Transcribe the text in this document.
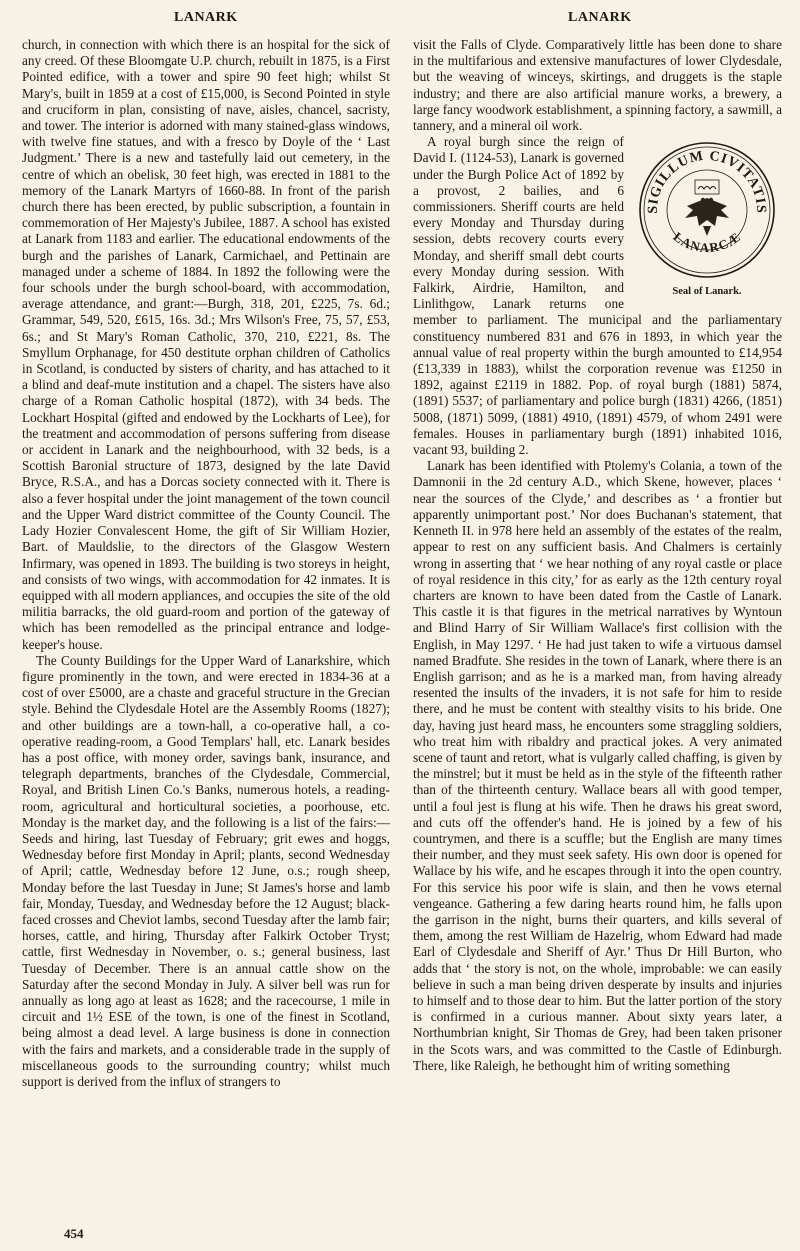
LANARK	LANARK

church, in connection with which there is an hospital for the sick of any creed. Of these Bloomgate U.P. church, rebuilt in 1875, is a First Pointed edifice, with a tower and spire 90 feet high; whilst St Mary's, built in 1859 at a cost of £15,000, is Second Pointed in style and cruciform in plan, consisting of nave, aisles, chancel, sacristy, and tower. The interior is adorned with many stained-glass windows, with twelve fine statues, and with a fresco by Doyle of the ‘ Last Judgment.’ There is a new and tastefully laid out cemetery, in the centre of which an obelisk, 30 feet high, was erected in 1881 to the memory of the Lanark Martyrs of 1660-88. In front of the parish church there has been erected, by public subscription, a fountain in commemoration of Her Majesty's Jubilee, 1887. A school has existed at Lanark from 1183 and earlier. The educational endowments of the burgh and the parishes of Lanark, Carmichael, and Pettinain are managed under a scheme of 1884. In 1892 the following were the four schools under the burgh school-board, with accommodation, average attendance, and grant:—Burgh, 318, 201, £225, 7s. 6d.; Grammar, 549, 520, £615, 16s. 3d.; Mrs Wilson's Free, 75, 57, £53, 6s.; and St Mary's Roman Catholic, 370, 210, £221, 8s. The Smyllum Orphanage, for 450 destitute orphan children of Catholics in Scotland, is conducted by sisters of charity, and has attached to it a blind and deaf-mute institution and a chapel. The sisters have also charge of a Roman Catholic hospital (1872), with 34 beds. The Lockhart Hospital (gifted and endowed by the Lockharts of Lee), for the treatment and accommodation of persons suffering from disease or accident in Lanark and the neighbourhood, with 32 beds, is a Scottish Baronial structure of 1873, designed by the late David Bryce, R.S.A., and has a Dorcas society connected with it. There is also a fever hospital under the joint management of the town council and the Upper Ward district committee of the County Council. The Lady Hozier Convalescent Home, the gift of Sir William Hozier, Bart. of Mauldslie, to the directors of the Glasgow Western Infirmary, was opened in 1893. The building is two storeys in height, and consists of two wings, with accommodation for 42 inmates. It is equipped with all modern appliances, and occupies the site of the old militia barracks, the old guard-room and portion of the gateway of which has been remodelled as the principal entrance and lodge-keeper's house.

The County Buildings for the Upper Ward of Lanarkshire, which figure prominently in the town, and were erected in 1834-36 at a cost of over £5000, are a chaste and graceful structure in the Grecian style. Behind the Clydesdale Hotel are the Assembly Rooms (1827); and other buildings are a town-hall, a co-operative hall, a co-operative reading-room, a Good Templars' hall, etc. Lanark besides has a post office, with money order, savings bank, insurance, and telegraph departments, branches of the Clydesdale, Commercial, Royal, and British Linen Co.'s Banks, numerous hotels, a reading-room, agricultural and horticultural societies, a poorhouse, etc. Monday is the market day, and the following is a list of the fairs:—Seeds and hiring, last Tuesday of February; grit ewes and hoggs, Wednesday before first Monday in April; plants, second Wednesday of April; cattle, Wednesday before 12 June, o.s.; rough sheep, Monday before the last Tuesday in June; St James's horse and lamb fair, Monday, Tuesday, and Wednesday before the 12 August; black-faced crosses and Cheviot lambs, second Tuesday after the lamb fair; horses, cattle, and hiring, Thursday after Falkirk October Tryst; cattle, first Wednesday in November, o. s.; general business, last Tuesday of December. There is an annual cattle show on the Saturday after the second Monday in July. A silver bell was run for annually as long ago at least as 1628; and the racecourse, 1 mile in circuit and 1½ ESE of the town, is one of the finest in Scotland, being almost a dead level. A large business is done in connection with the fairs and markets, and a considerable trade in the supply of miscellaneous goods to the surrounding country; whilst much support is derived from the influx of strangers to

visit the Falls of Clyde. Comparatively little has been done to share in the multifarious and extensive manufactures of lower Clydesdale, but the weaving of winceys, skirtings, and druggets is the staple industry; and there are also artificial manure works, a brewery, a large fancy woodwork establishment, a spinning factory, a sawmill, a tannery, and a mineral oil work.

SIGILLUM CIVITATIS
LANARCÆ
Seal of Lanark.

A royal burgh since the reign of David I. (1124-53), Lanark is governed under the Burgh Police Act of 1892 by a provost, 2 bailies, and 6 commissioners. Sheriff courts are held every Monday and Thursday during session, debts recovery courts every Monday, and sheriff small debt courts every Monday during session. With Falkirk, Airdrie, Hamilton, and Linlithgow, Lanark returns one member to parliament. The municipal and the parliamentary constituency numbered 831 and 676 in 1893, in which year the annual value of real property within the burgh amounted to £14,954 (£13,339 in 1883), whilst the corporation revenue was £1250 in 1892, against £2119 in 1882. Pop. of royal burgh (1881) 5874, (1891) 5537; of parliamentary and police burgh (1831) 4266, (1851) 5008, (1871) 5099, (1881) 4910, (1891) 4579, of whom 2491 were females. Houses in parliamentary burgh (1891) inhabited 1016, vacant 93, building 2.

Lanark has been identified with Ptolemy's Colania, a town of the Damnonii in the 2d century A.D., which Skene, however, places ‘ near the sources of the Clyde,’ and describes as ‘ a frontier but apparently unimportant post.’ Nor does Buchanan's statement, that Kenneth II. in 978 here held an assembly of the estates of the realm, appear to rest on any sufficient basis. And Chalmers is certainly wrong in asserting that ‘ we hear nothing of any royal castle or place of royal residence in this city,’ for as early as the 12th century royal charters are known to have been dated from the Castle of Lanark. This castle it is that figures in the metrical narratives by Wyntoun and Blind Harry of Sir William Wallace's first collision with the English, in May 1297. ‘ He had just taken to wife a virtuous damsel named Bradfute. She resides in the town of Lanark, where there is an English garrison; and as he is a marked man, from having already resented the insults of the invaders, it is not safe for him to reside there, and he must be content with stealthy visits to his bride. One day, having just heard mass, he encounters some straggling soldiers, who treat him with ribaldry and practical jokes. A very animated scene of taunt and retort, what is vulgarly called chaffing, is given by the minstrel; but it must be held as in the style of the fifteenth rather than of the thirteenth century. Wallace bears all with good temper, until a foul jest is flung at his wife. Then he draws his great sword, and cuts off the offender's hand. He is joined by a few of his countrymen, and there is a scuffle; but the English are many times their number, and they must seek safety. His own door is opened for Wallace by his wife, and he escapes through it into the open country. For this service his poor wife is slain, and then he vows eternal vengeance. Gathering a few daring hearts round him, he falls upon the garrison in the night, burns their quarters, and kills several of them, among the rest William de Hazelrig, whom Edward had made Earl of Clydesdale and Sheriff of Ayr.’ Thus Dr Hill Burton, who adds that ‘ the story is not, on the whole, improbable: we can easily believe in such a man being driven desperate by insults and injuries to himself and to those dear to him. But the latter portion of the story is confirmed in a curious manner. About sixty years later, a Northumbrian knight, Sir Thomas de Grey, had been taken prisoner in the Scots wars, and was committed to the Castle of Edinburgh. There, like Raleigh, he bethought him of writing something

454
